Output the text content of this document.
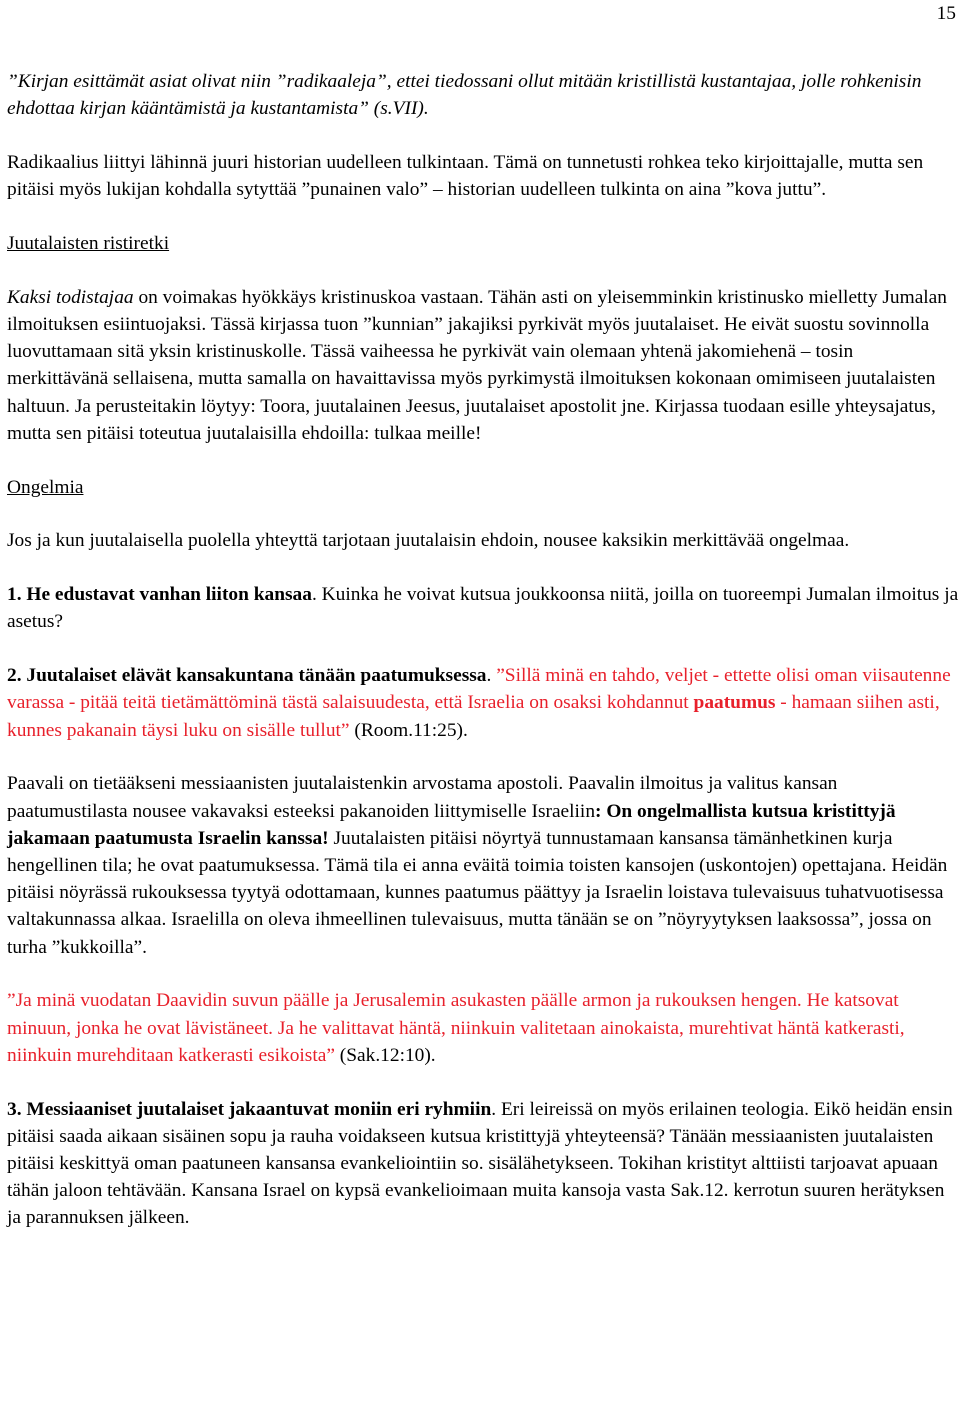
15

”Kirjan esittämät asiat olivat niin ”radikaaleja”, ettei tiedossani ollut mitään kristillistä kustantajaa, jolle rohkenisin ehdottaa kirjan kääntämistä ja kustantamista” (s.VII).

Radikaalius liittyi lähinnä juuri historian uudelleen tulkintaan. Tämä on tunnetusti rohkea teko kirjoittajalle, mutta sen pitäisi myös lukijan kohdalla sytyttää ”punainen valo” – historian uudelleen tulkinta on aina ”kova juttu”.

Juutalaisten ristiretki

Kaksi todistajaa on voimakas hyökkäys kristinuskoa vastaan. Tähän asti on yleisemminkin kristinusko mielletty Jumalan ilmoituksen esiintuojaksi. Tässä kirjassa tuon ”kunnian” jakajiksi pyrkivät myös juutalaiset. He eivät suostu sovinnolla luovuttamaan sitä yksin kristinuskolle. Tässä vaiheessa he pyrkivät vain olemaan yhtenä jakomiehenä – tosin merkittävänä sellaisena, mutta samalla on havaittavissa myös pyrkimystä ilmoituksen kokonaan omimiseen juutalaisten haltuun. Ja perusteitakin löytyy: Toora, juutalainen Jeesus, juutalaiset apostolit jne. Kirjassa tuodaan esille yhteysajatus, mutta sen pitäisi toteutua juutalaisilla ehdoilla: tulkaa meille!

Ongelmia

Jos ja kun juutalaisella puolella yhteyttä tarjotaan juutalaisin ehdoin, nousee kaksikin merkittävää ongelmaa.

1. He edustavat vanhan liiton kansaa. Kuinka he voivat kutsua joukkoonsa niitä, joilla on tuoreempi Jumalan ilmoitus ja asetus?

2. Juutalaiset elävät kansakuntana tänään paatumuksessa. ”Sillä minä en tahdo, veljet - ettette olisi oman viisautenne varassa - pitää teitä tietämättöminä tästä salaisuudesta, että Israelia on osaksi kohdannut paatumus - hamaan siihen asti, kunnes pakanain täysi luku on sisälle tullut” (Room.11:25).

Paavali on tietääkseni messiaanisten juutalaistenkin arvostama apostoli. Paavalin ilmoitus ja valitus kansan paatumustilasta nousee vakavaksi esteeksi pakanoiden liittymiselle Israeliin: On ongelmallista kutsua kristittyjä jakamaan paatumusta Israelin kanssa! Juutalaisten pitäisi nöyrtyä tunnustamaan kansansa tämänhetkinen kurja hengellinen tila; he ovat paatumuksessa. Tämä tila ei anna eväitä toimia toisten kansojen (uskontojen) opettajana. Heidän pitäisi nöyrässä rukouksessa tyytyä odottamaan, kunnes paatumus päättyy ja Israelin loistava tulevaisuus tuhatvuotisessa valtakunnassa alkaa. Israelilla on oleva ihmeellinen tulevaisuus, mutta tänään se on ”nöyryytyksen laaksossa”, jossa on turha ”kukkoilla”.

”Ja minä vuodatan Daavidin suvun päälle ja Jerusalemin asukasten päälle armon ja rukouksen hengen. He katsovat minuun, jonka he ovat lävistäneet. Ja he valittavat häntä, niinkuin valitetaan ainokaista, murehtivat häntä katkerasti, niinkuin murehditaan katkerasti esikoista” (Sak.12:10).

3. Messiaaniset juutalaiset jakaantuvat moniin eri ryhmiin. Eri leireissä on myös erilainen teologia. Eikö heidän ensin pitäisi saada aikaan sisäinen sopu ja rauha voidakseen kutsua kristittyjä yhteyteensä? Tänään messiaanisten juutalaisten pitäisi keskittyä oman paatuneen kansansa evankeliointiin so. sisälähetykseen. Tokihan kristityt alttiisti tarjoavat apuaan tähän jaloon tehtävään. Kansana Israel on kypsä evankelioimaan muita kansoja vasta Sak.12. kerrotun suuren herätyksen ja parannuksen jälkeen.
